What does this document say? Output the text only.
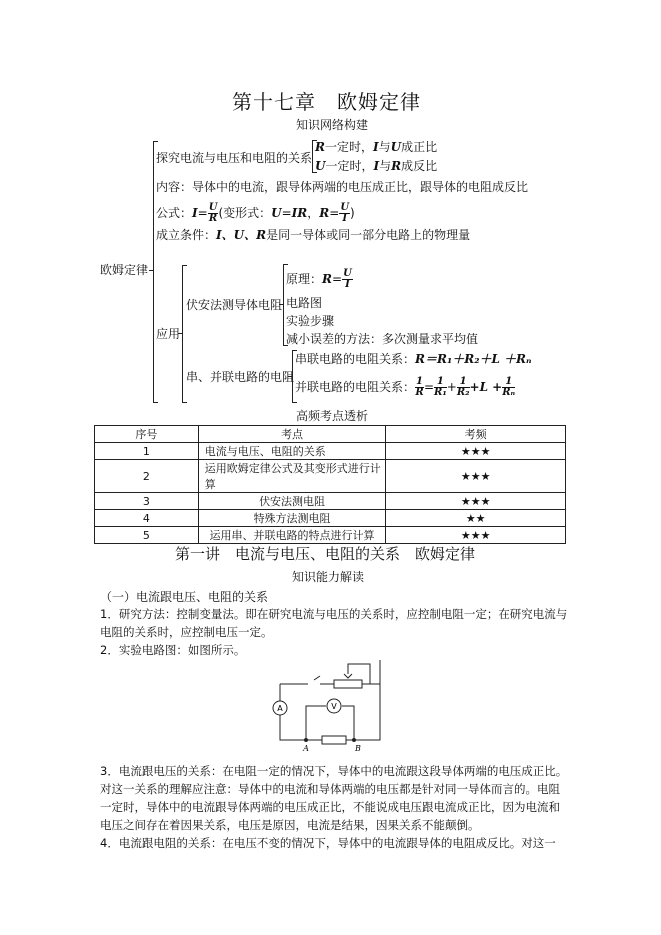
第十七章　欧姆定律
知识网络构建
欧姆定律
探究电流与电压和电阻的关系
R一定时，I与U成正比
U一定时，I与R成反比
内容：导体中的电流，跟导体两端的电压成正比，跟导体的电阻成反比
公式：$I= \frac{U}{R}$ (变形式：U=IR，$R= \frac{U}{I}$ )
成立条件：I、U、R是同一导体或同一部分电路上的物理量
应用
伏安法测导体电阻
原理：$R= \frac{U}{I}$
电路图
实验步骤
减小误差的方法：多次测量求平均值
串、并联电路的电阻
串联电路的电阻关系：R＝R₁＋R₂＋L ＋Rₙ
并联电路的电阻关系： $\frac{1}{R} = \frac{1}{\text{R₁}} + \frac{1}{\text{R₂}} +L + \frac{1}{\text{Rₙ}}$
高频考点透析
序号	考点	考频
1	电流与电压、电阻的关系	★★★
2	运用欧姆定律公式及其变形式进行计算	★★★
3	伏安法测电阻	★★★
4	特殊方法测电阻	★★
5	运用串、并联电路的特点进行计算	★★★
第一讲　电流与电压、电阻的关系　欧姆定律
知识能力解读
（一）电流跟电压、电阻的关系
1．研究方法：控制变量法。即在研究电流与电压的关系时，应控制电阻一定；在研究电流与电阻的关系时，应控制电压一定。
2．实验电路图：如图所示。
A	V
A	B
3．电流跟电压的关系：在电阻一定的情况下，导体中的电流跟这段导体两端的电压成正比。对这一关系的理解应注意：导体中的电流和导体两端的电压都是针对同一导体而言的。电阻一定时，导体中的电流跟导体两端的电压成正比，不能说成电压跟电流成正比，因为电流和电压之间存在着因果关系，电压是原因，电流是结果，因果关系不能颠倒。
4．电流跟电阻的关系：在电压不变的情况下，导体中的电流跟导体的电阻成反比。对这一
